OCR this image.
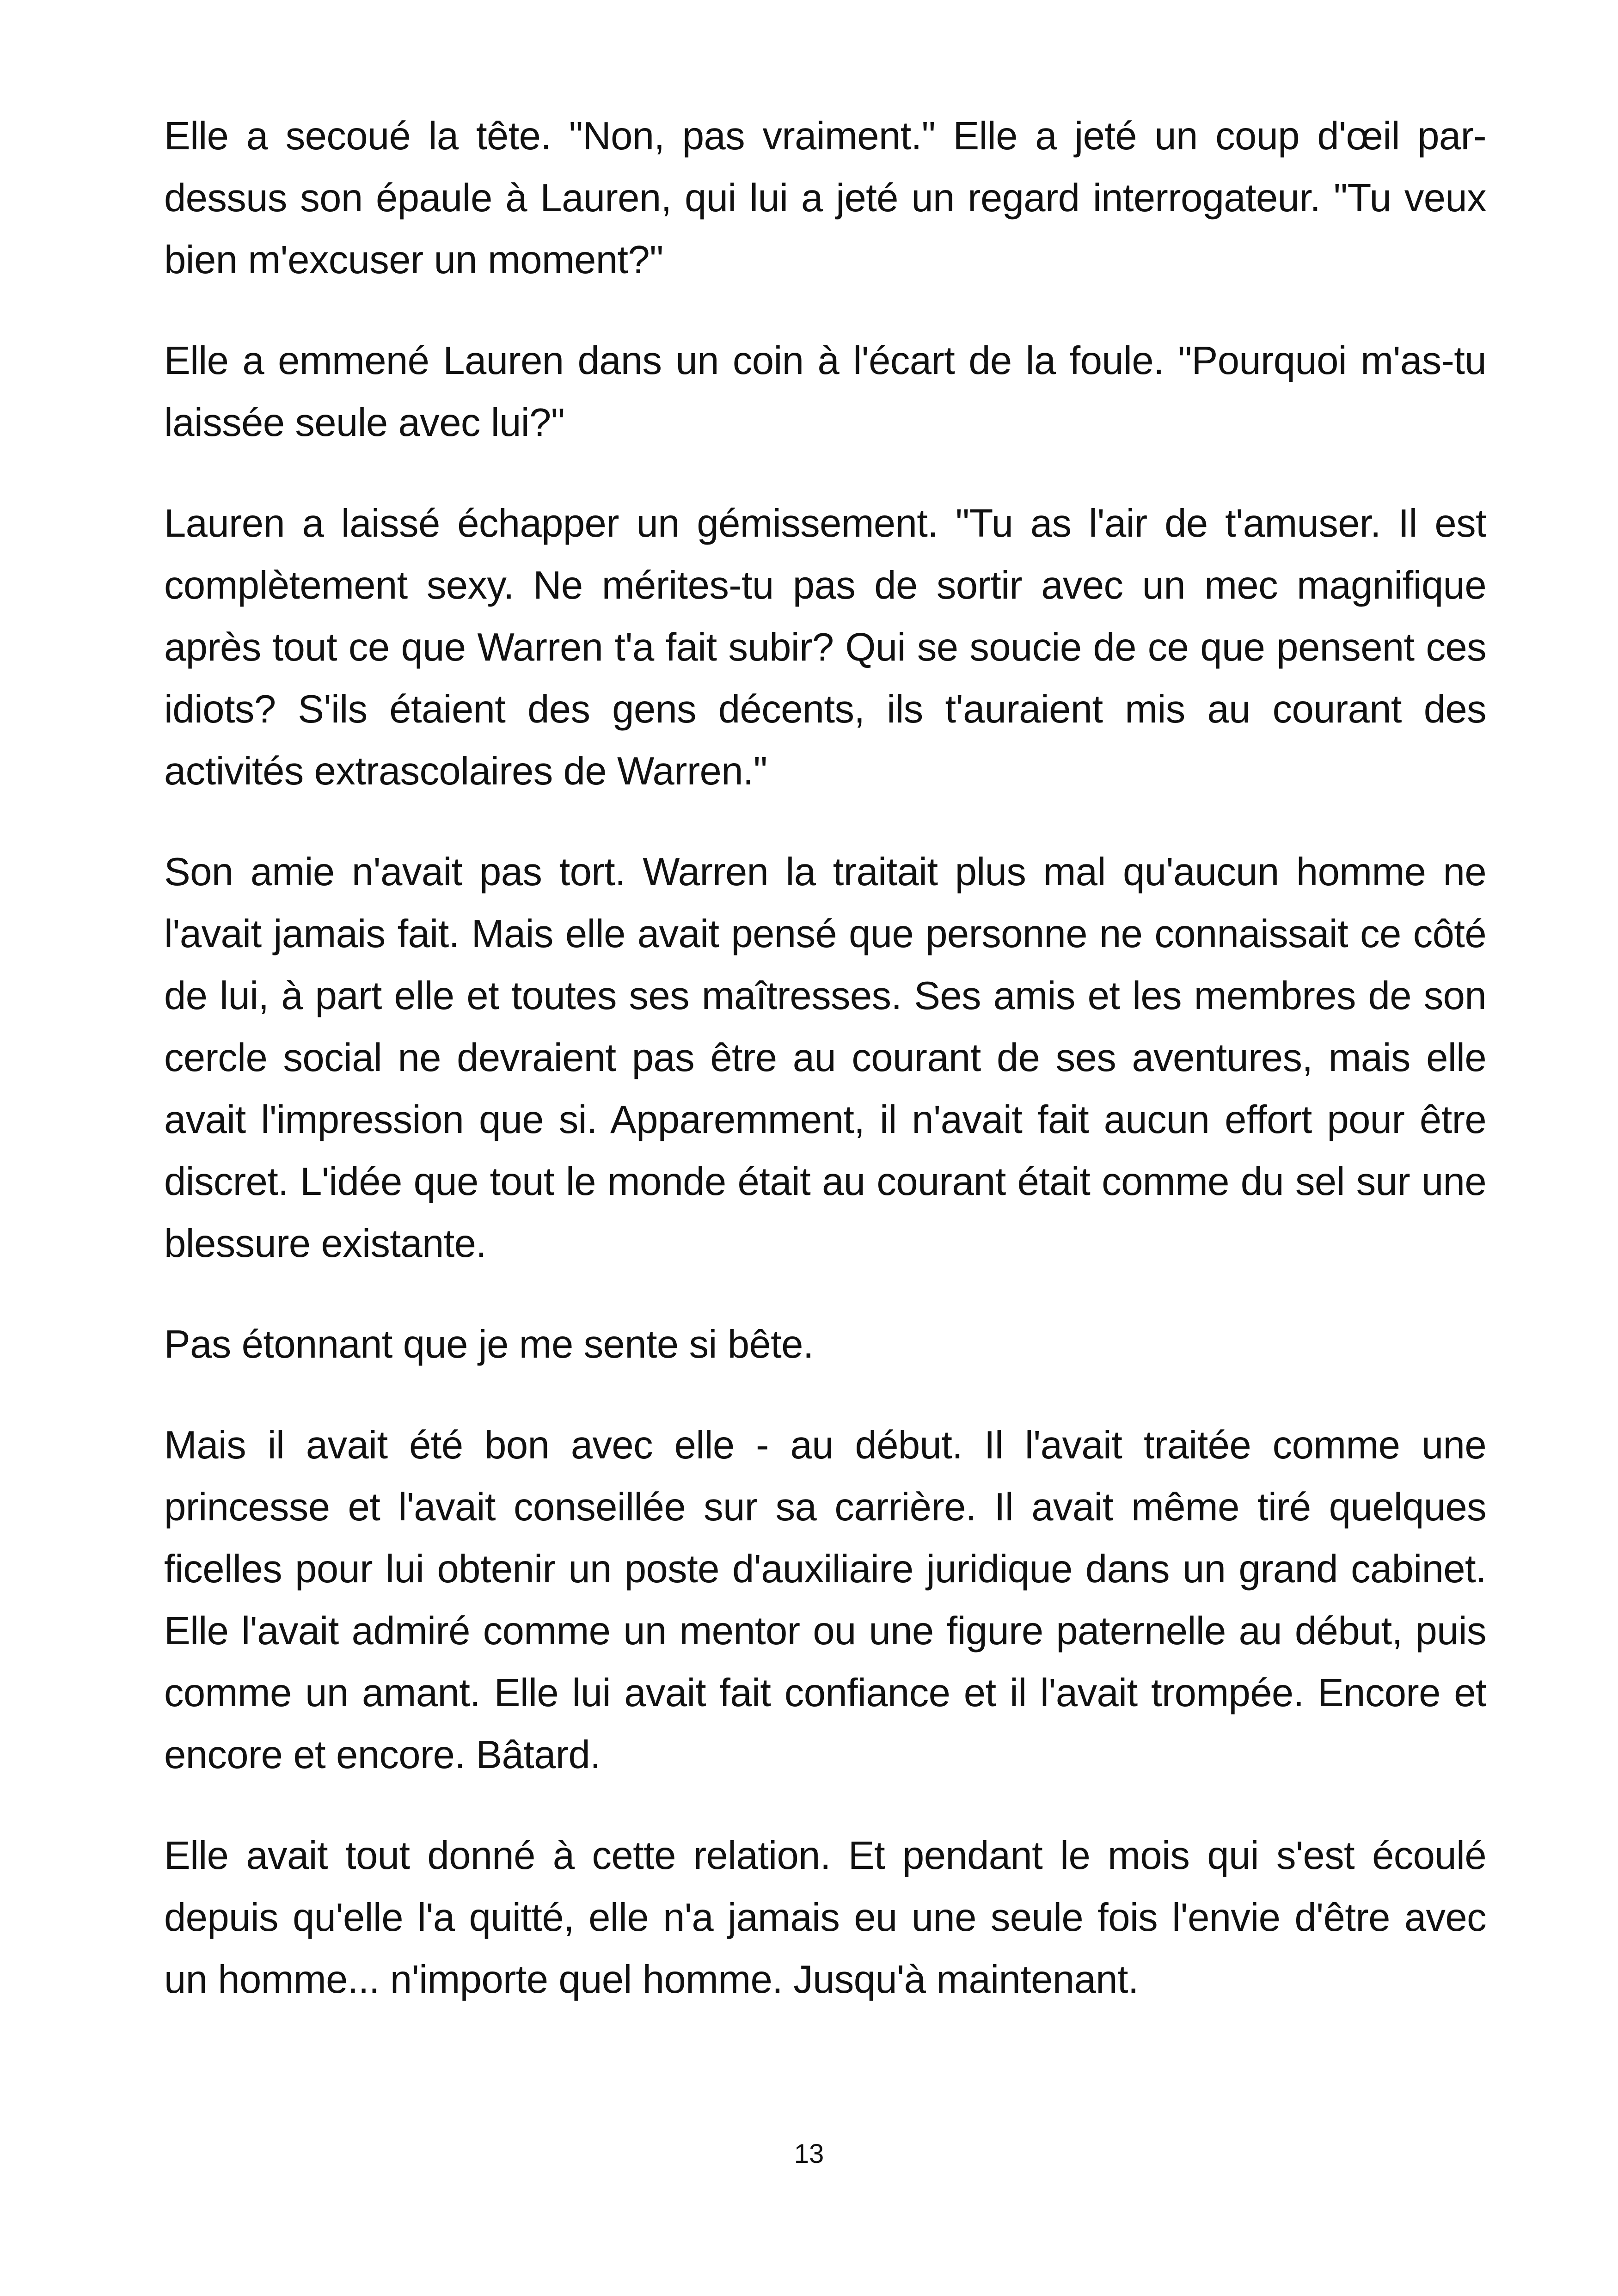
Elle a secoué la tête. "Non, pas vraiment." Elle a jeté un coup d'œil par-dessus son épaule à Lauren, qui lui a jeté un regard interrogateur. "Tu veux bien m'excuser un moment?"

Elle a emmené Lauren dans un coin à l'écart de la foule. "Pourquoi m'as-tu laissée seule avec lui?"

Lauren a laissé échapper un gémissement. "Tu as l'air de t'amuser. Il est complètement sexy. Ne mérites-tu pas de sortir avec un mec magnifique après tout ce que Warren t'a fait subir? Qui se soucie de ce que pensent ces idiots? S'ils étaient des gens décents, ils t'auraient mis au courant des activités extrascolaires de Warren."

Son amie n'avait pas tort. Warren la traitait plus mal qu'aucun homme ne l'avait jamais fait. Mais elle avait pensé que personne ne connaissait ce côté de lui, à part elle et toutes ses maîtresses. Ses amis et les membres de son cercle social ne devraient pas être au courant de ses aventures, mais elle avait l'impression que si. Apparemment, il n'avait fait aucun effort pour être discret. L'idée que tout le monde était au courant était comme du sel sur une blessure existante.

Pas étonnant que je me sente si bête.

Mais il avait été bon avec elle - au début. Il l'avait traitée comme une princesse et l'avait conseillée sur sa carrière. Il avait même tiré quelques ficelles pour lui obtenir un poste d'auxiliaire juridique dans un grand cabinet. Elle l'avait admiré comme un mentor ou une figure paternelle au début, puis comme un amant. Elle lui avait fait confiance et il l'avait trompée. Encore et encore et encore. Bâtard.

Elle avait tout donné à cette relation. Et pendant le mois qui s'est écoulé depuis qu'elle l'a quitté, elle n'a jamais eu une seule fois l'envie d'être avec un homme... n'importe quel homme. Jusqu'à maintenant.

13
